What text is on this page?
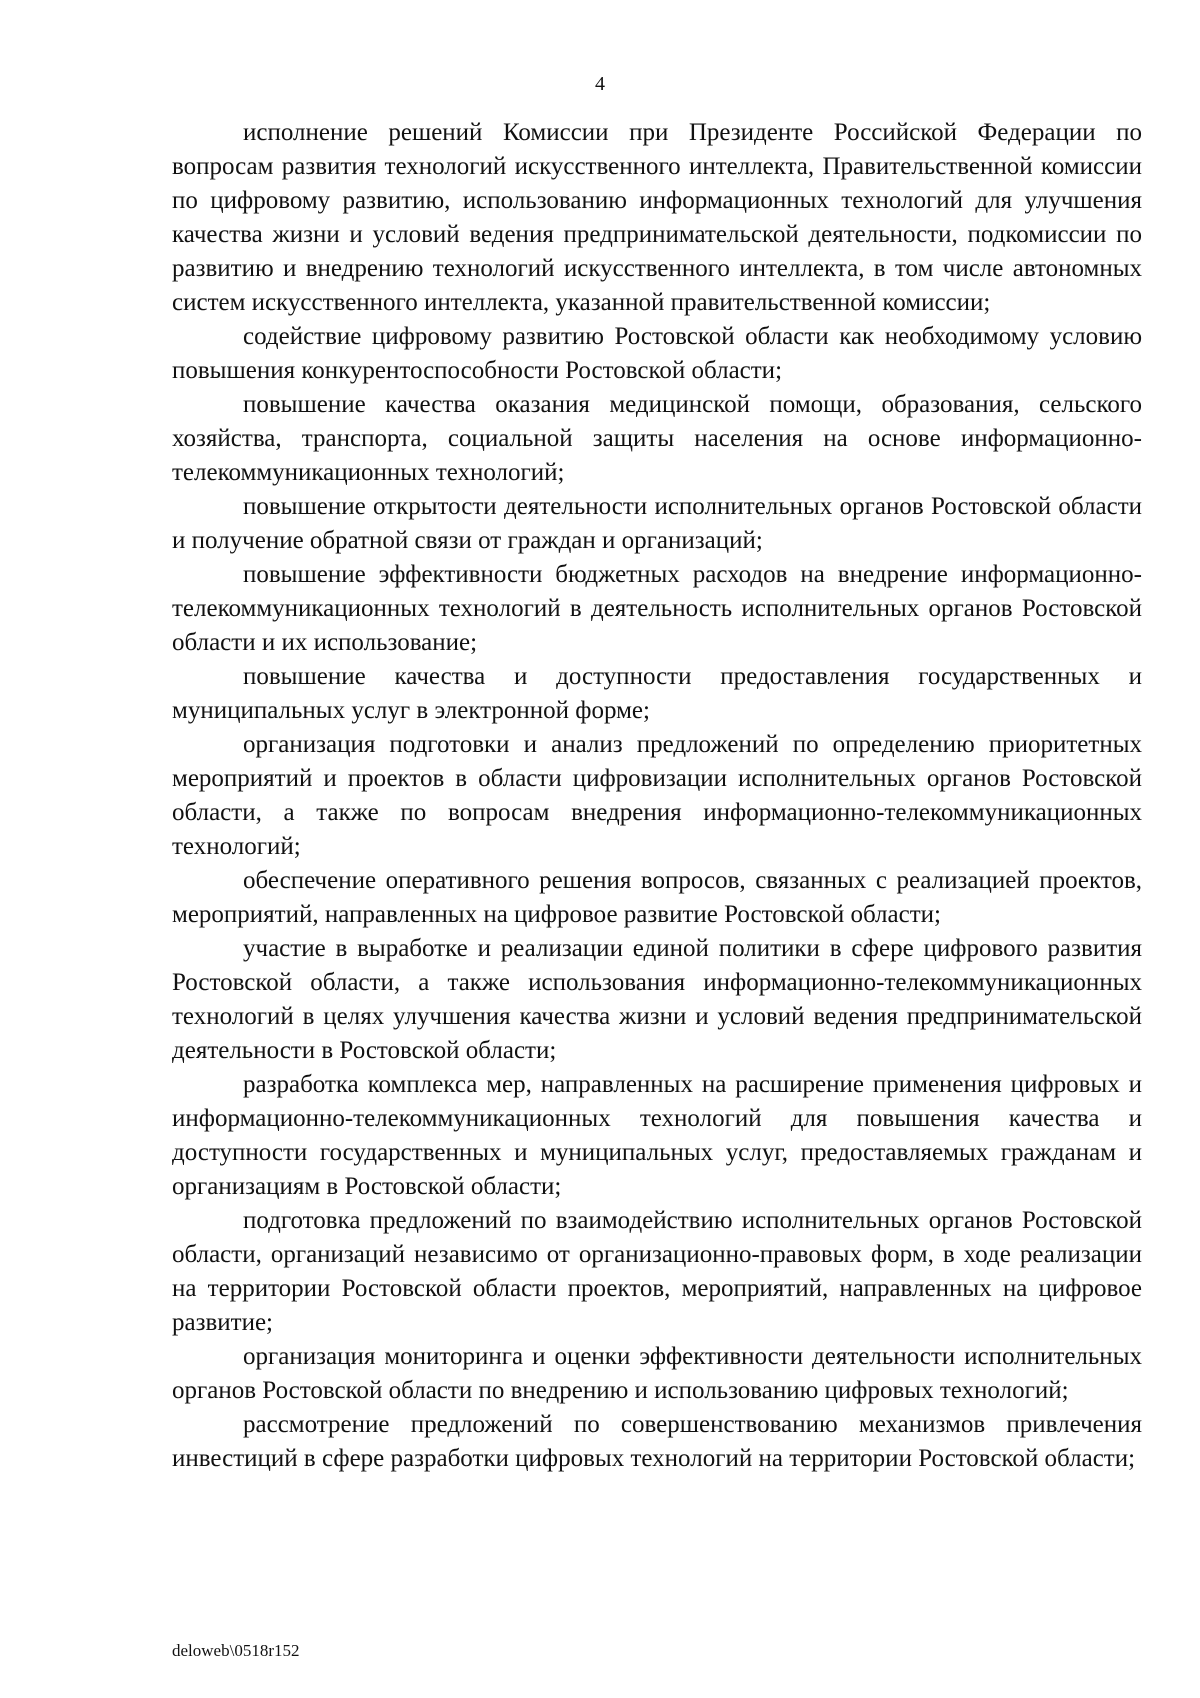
4

исполнение решений Комиссии при Президенте Российской Федерации по вопросам развития технологий искусственного интеллекта, Правительственной комиссии по цифровому развитию, использованию информационных технологий для улучшения качества жизни и условий ведения предпринимательской деятельности, подкомиссии по развитию и внедрению технологий искусственного интеллекта, в том числе автономных систем искусственного интеллекта, указанной правительственной комиссии;

содействие цифровому развитию Ростовской области как необходимому условию повышения конкурентоспособности Ростовской области;

повышение качества оказания медицинской помощи, образования, сельского хозяйства, транспорта, социальной защиты населения на основе информационно-телекоммуникационных технологий;

повышение открытости деятельности исполнительных органов Ростовской области и получение обратной связи от граждан и организаций;

повышение эффективности бюджетных расходов на внедрение информационно-телекоммуникационных технологий в деятельность исполнительных органов Ростовской области и их использование;

повышение качества и доступности предоставления государственных и муниципальных услуг в электронной форме;

организация подготовки и анализ предложений по определению приоритетных мероприятий и проектов в области цифровизации исполнительных органов Ростовской области, а также по вопросам внедрения информационно-телекоммуникационных технологий;

обеспечение оперативного решения вопросов, связанных с реализацией проектов, мероприятий, направленных на цифровое развитие Ростовской области;

участие в выработке и реализации единой политики в сфере цифрового развития Ростовской области, а также использования информационно-телекоммуникационных технологий в целях улучшения качества жизни и условий ведения предпринимательской деятельности в Ростовской области;

разработка комплекса мер, направленных на расширение применения цифровых и информационно-телекоммуникационных технологий для повышения качества и доступности государственных и муниципальных услуг, предоставляемых гражданам и организациям в Ростовской области;

подготовка предложений по взаимодействию исполнительных органов Ростовской области, организаций независимо от организационно-правовых форм, в ходе реализации на территории Ростовской области проектов, мероприятий, направленных на цифровое развитие;

организация мониторинга и оценки эффективности деятельности исполнительных органов Ростовской области по внедрению и использованию цифровых технологий;

рассмотрение предложений по совершенствованию механизмов привлечения инвестиций в сфере разработки цифровых технологий на территории Ростовской области;

deloweb\0518r152
